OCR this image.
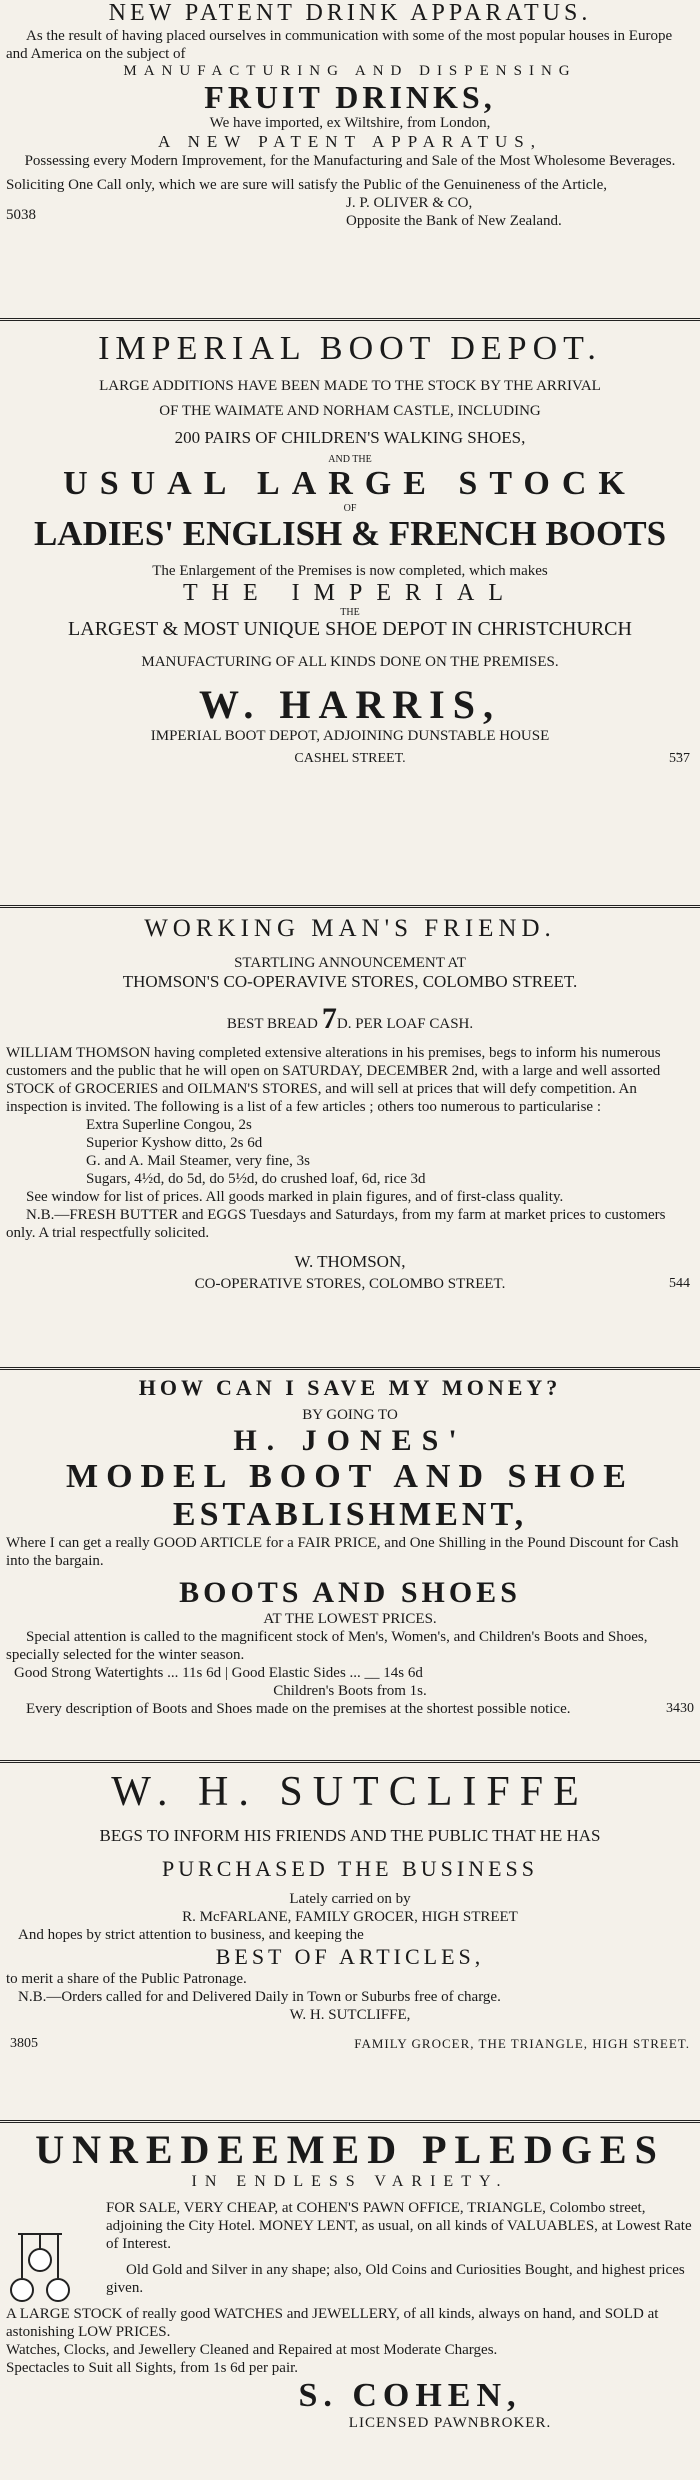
NEW PATENT DRINK APPARATUS.
As the result of having placed ourselves in communication with some of the most popular houses in Europe and America on the subject of
MANUFACTURING AND DISPENSING
FRUIT DRINKS,
We have imported, ex Wiltshire, from London,
A NEW PATENT APPARATUS,
Possessing every Modern Improvement, for the Manufacturing and Sale of the Most Wholesome Beverages.
Soliciting One Call only, which we are sure will satisfy the Public of the Genuineness of the Article,
5038
J. P. OLIVER & CO,
Opposite the Bank of New Zealand.
IMPERIAL BOOT DEPOT.
LARGE ADDITIONS HAVE BEEN MADE TO THE STOCK BY THE ARRIVAL
OF THE WAIMATE AND NORHAM CASTLE, INCLUDING
200 PAIRS OF CHILDREN'S WALKING SHOES,
AND THE
USUAL LARGE STOCK
OF
LADIES' ENGLISH & FRENCH BOOTS
The Enlargement of the Premises is now completed, which makes
THE IMPERIAL
THE
LARGEST & MOST UNIQUE SHOE DEPOT IN CHRISTCHURCH
MANUFACTURING OF ALL KINDS DONE ON THE PREMISES.
W. HARRIS,
IMPERIAL BOOT DEPOT, ADJOINING DUNSTABLE HOUSE
CASHEL STREET.	5̃37
WORKING MAN'S FRIEND.
STARTLING ANNOUNCEMENT AT
THOMSON'S CO-OPERAVIVE STORES, COLOMBO STREET.
BEST BREAD 7D. PER LOAF CASH.
WILLIAM THOMSON having completed extensive alterations in his premises, begs to inform his numerous customers and the public that he will open on SATURDAY, DECEMBER 2nd, with a large and well assorted STOCK of GROCERIES and OILMAN'S STORES, and will sell at prices that will defy competition. An inspection is invited. The following is a list of a few articles ; others too numerous to particularise :
Extra Superline Congou, 2s
Superior Kyshow ditto, 2s 6d
G. and A. Mail Steamer, very fine, 3s
Sugars, 4½d, do 5d, do 5½d, do crushed loaf, 6d, rice 3d
See window for list of prices. All goods marked in plain figures, and of first-class quality.
N.B.—FRESH BUTTER and EGGS Tuesdays and Saturdays, from my farm at market prices to customers only. A trial respectfully solicited.
W. THOMSON,
CO-OPERATIVE STORES, COLOMBO STREET.	544
HOW CAN I SAVE MY MONEY?
BY GOING TO
H. JONES'
MODEL BOOT AND SHOE
ESTABLISHMENT,
Where I can get a really GOOD ARTICLE for a FAIR PRICE, and One Shilling in the Pound Discount for Cash into the bargain.
BOOTS AND SHOES
AT THE LOWEST PRICES.
Special attention is called to the magnificent stock of Men's, Women's, and Children's Boots and Shoes, specially selected for the winter season.
Good Strong Watertights ... 11s 6d | Good Elastic Sides ... __ 14s 6d
Children's Boots from 1s.
Every description of Boots and Shoes made on the premises at the shortest possible notice.	3430
W. H. SUTCLIFFE
BEGS TO INFORM HIS FRIENDS AND THE PUBLIC THAT HE HAS
PURCHASED THE BUSINESS
Lately carried on by
R. McFARLANE, FAMILY GROCER, HIGH STREET
And hopes by strict attention to business, and keeping the
BEST OF ARTICLES,
to merit a share of the Public Patronage.
N.B.—Orders called for and Delivered Daily in Town or Suburbs free of charge.
W. H. SUTCLIFFE,
3805	FAMILY GROCER, THE TRIANGLE, HIGH STREET.
UNREDEEMED PLEDGES
IN ENDLESS VARIETY.
FOR SALE, VERY CHEAP, at COHEN'S PAWN OFFICE, TRIANGLE, Colombo street, adjoining the City Hotel. MONEY LENT, as usual, on all kinds of VALUABLES, at Lowest Rate of Interest.
Old Gold and Silver in any shape; also, Old Coins and Curiosities Bought, and highest prices given.
A LARGE STOCK of really good WATCHES and JEWELLERY, of all kinds, always on hand, and SOLD at astonishing LOW PRICES.
Watches, Clocks, and Jewellery Cleaned and Repaired at most Moderate Charges.
Spectacles to Suit all Sights, from 1s 6d per pair.
S. COHEN,
LICENSED PAWNBROKER.
